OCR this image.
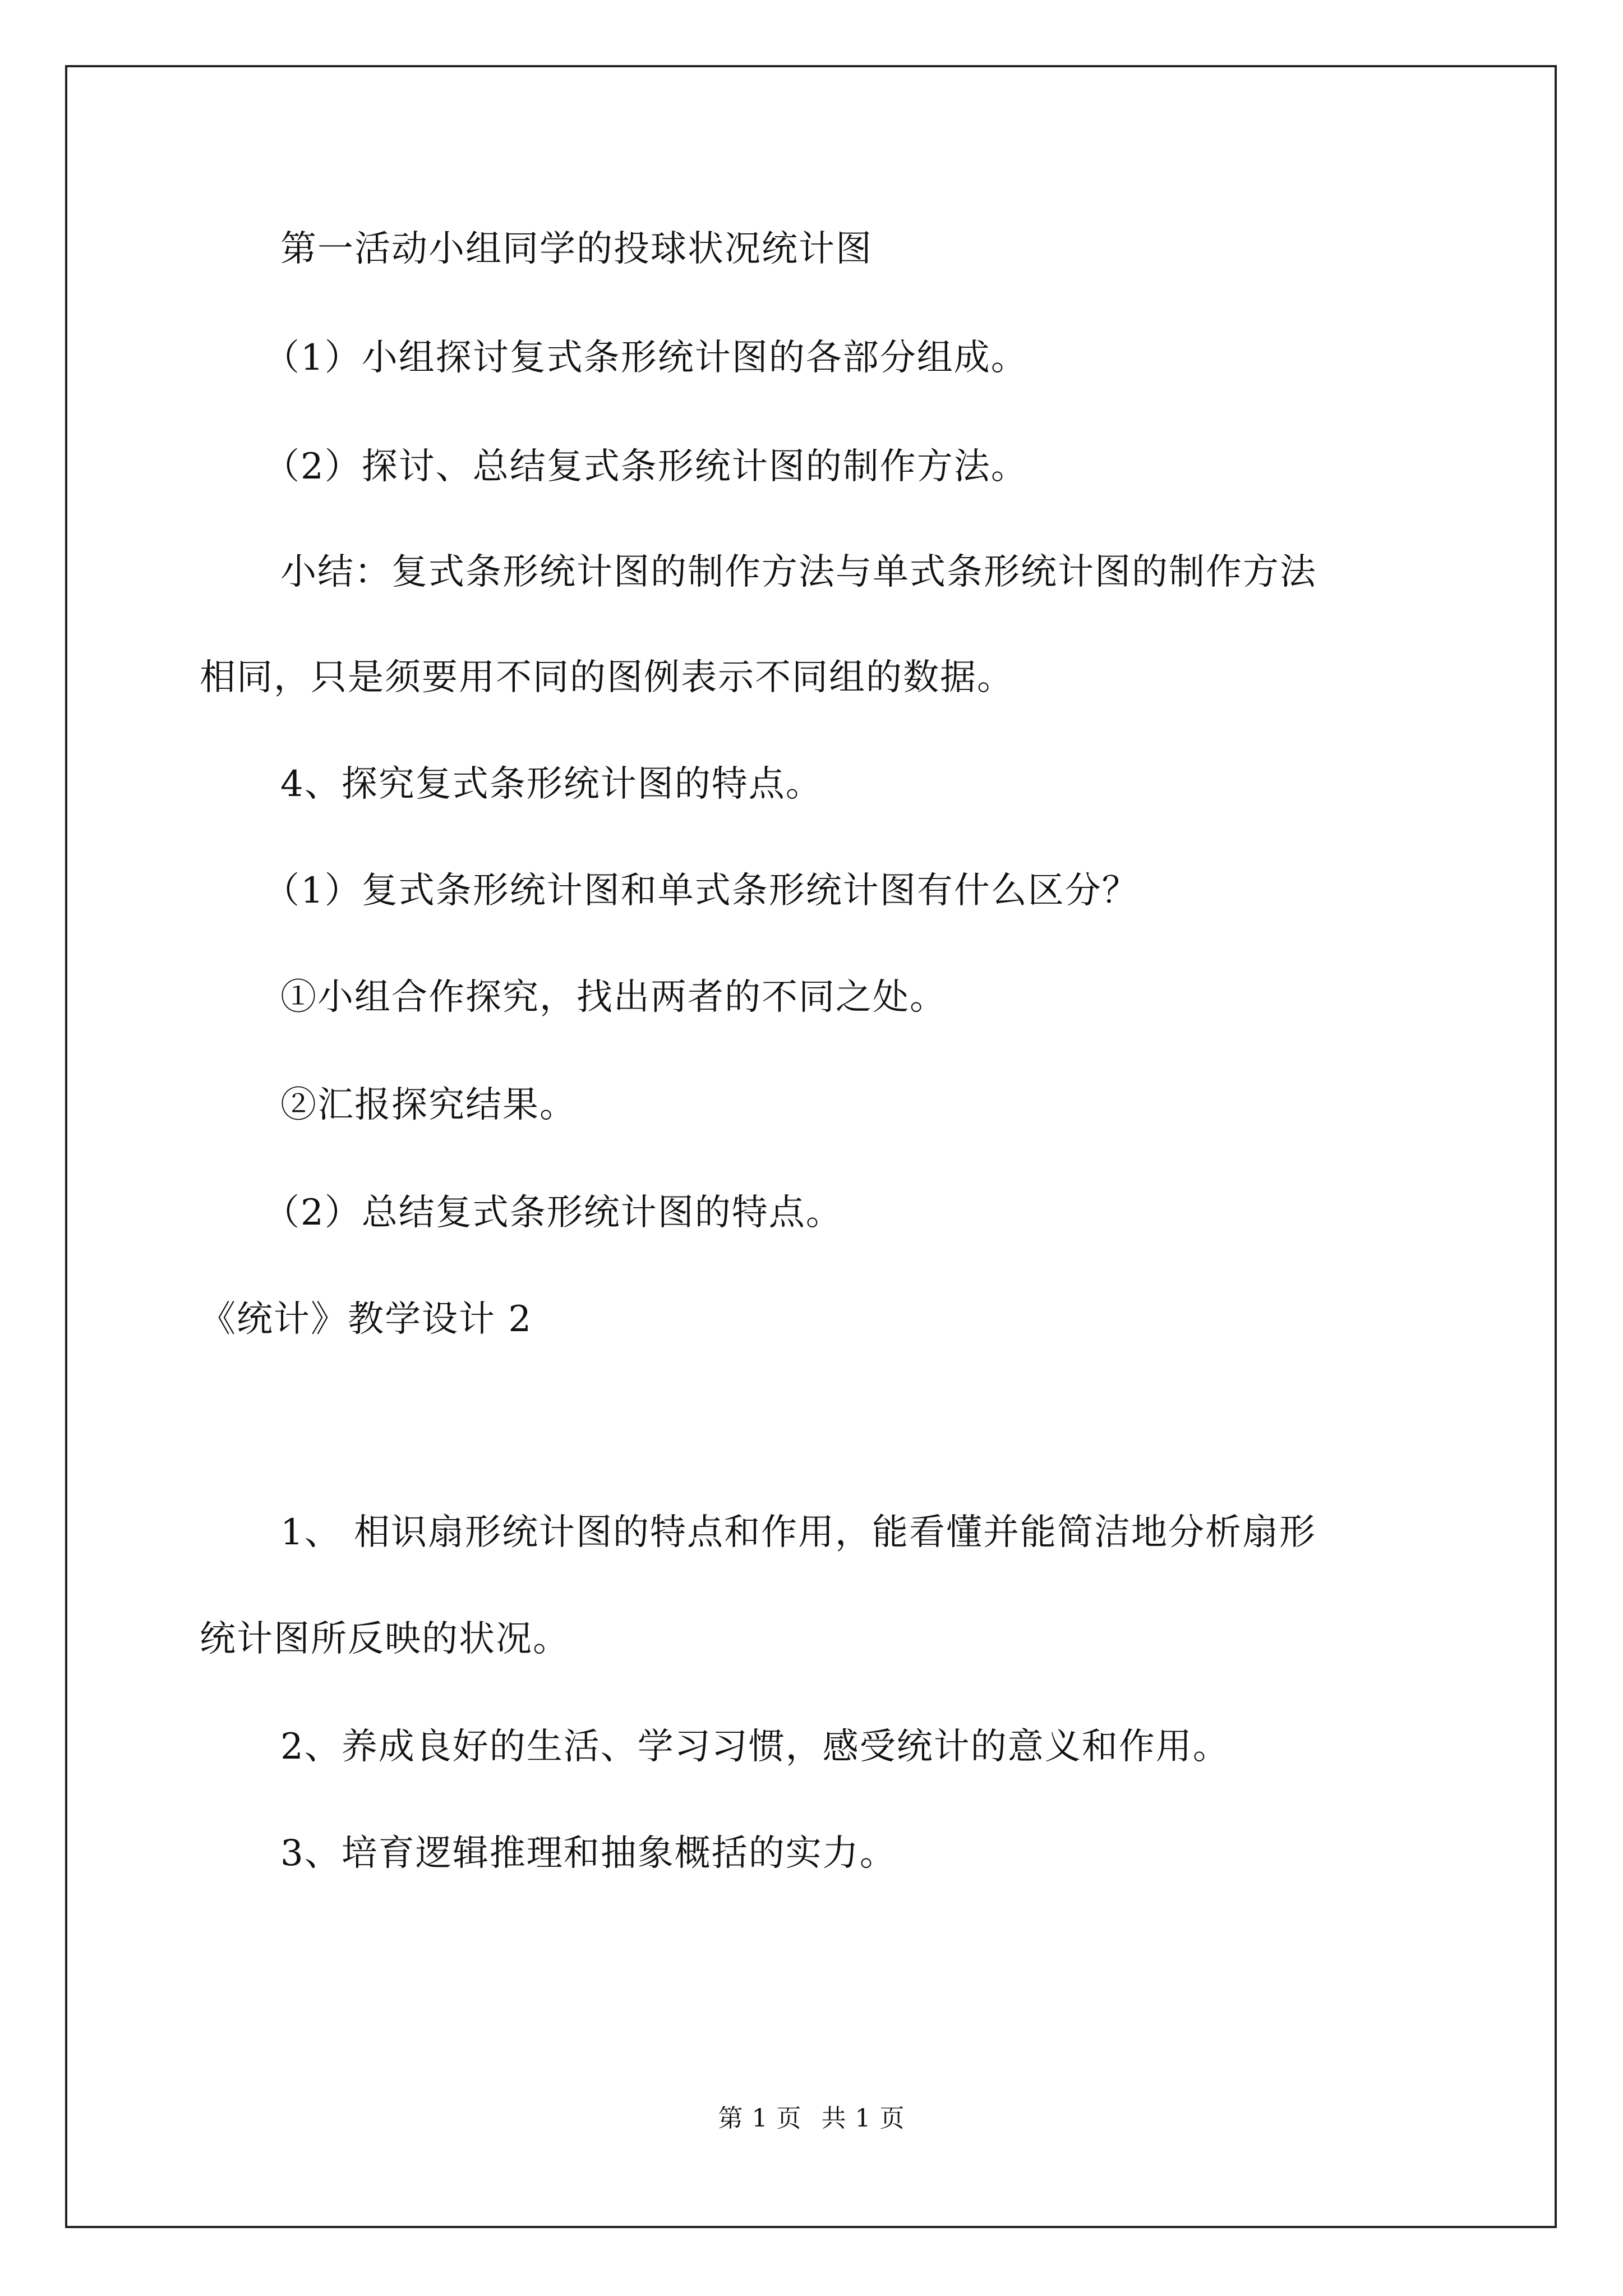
第一活动小组同学的投球状况统计图
（1）小组探讨复式条形统计图的各部分组成。
（2）探讨、总结复式条形统计图的制作方法。
小结：复式条形统计图的制作方法与单式条形统计图的制作方法
相同，只是须要用不同的图例表示不同组的数据。
4、探究复式条形统计图的特点。
（1）复式条形统计图和单式条形统计图有什么区分？
①小组合作探究，找出两者的不同之处。
②汇报探究结果。
（2）总结复式条形统计图的特点。
《统计》教学设计 2
1、 相识扇形统计图的特点和作用，能看懂并能简洁地分析扇形
统计图所反映的状况。
2、养成良好的生活、学习习惯，感受统计的意义和作用。
3、培育逻辑推理和抽象概括的实力。
第 1 页 共 1 页
